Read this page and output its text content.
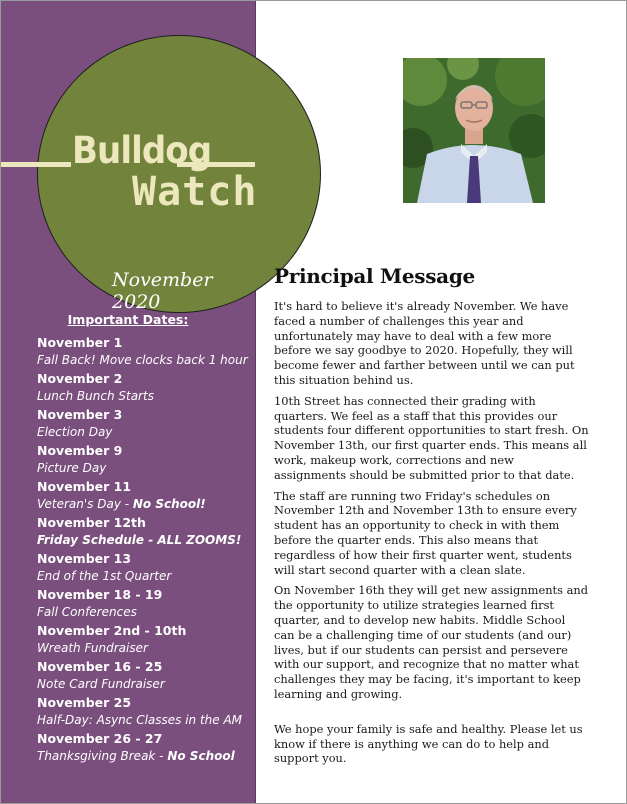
Bulldog
Watch
November 2020
Important Dates:
November 1
Fall Back! Move clocks back 1 hour
November 2
Lunch Bunch Starts
November 3
Election Day
November 9
Picture Day
November 11
Veteran's Day - No School!
November 12th
Friday Schedule - ALL ZOOMS!
November 13
End of the 1st Quarter
November 18 - 19
Fall Conferences
November 2nd - 10th
Wreath Fundraiser
November 16 - 25
Note Card Fundraiser
November 25
Half-Day: Async Classes in the AM
November 26 - 27
Thanksgiving Break - No School
Principal Message

It's hard to believe it's already November. We have faced a number of challenges this year and unfortunately may have to deal with a few more before we say goodbye to 2020. Hopefully, they will become fewer and farther between until we can put this situation behind us.

10th Street has connected their grading with quarters. We feel as a staff that this provides our students four different opportunities to start fresh. On November 13th, our first quarter ends. This means all work, makeup work, corrections and new assignments should be submitted prior to that date.

The staff are running two Friday's schedules on November 12th and November 13th to ensure every student has an opportunity to check in with them before the quarter ends. This also means that regardless of how their first quarter went, students will start second quarter with a clean slate.

On November 16th they will get new assignments and the opportunity to utilize strategies learned first quarter, and to develop new habits. Middle School can be a challenging time of our students (and our) lives, but if our students can persist and persevere with our support, and recognize that no matter what challenges they may be facing, it's important to keep learning and growing.

We hope your family is safe and healthy. Please let us know if there is anything we can do to help and support you.
